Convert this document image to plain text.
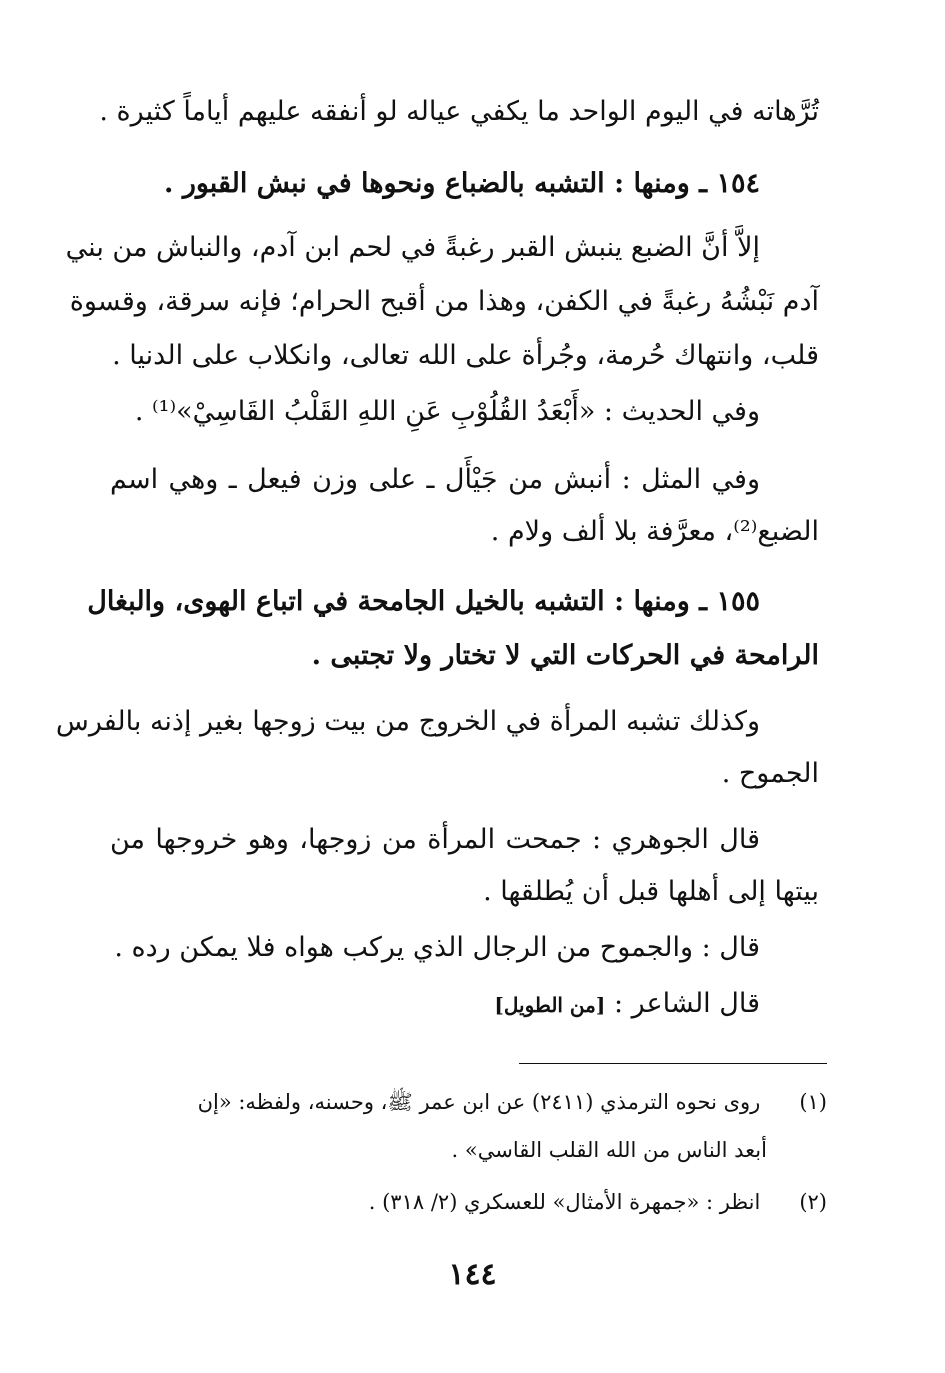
تُرَّهاته في اليوم الواحد ما يكفي عياله لو أنفقه عليهم أياماً كثيرة .

١٥٤ ـ ومنها : التشبه بالضباع ونحوها في نبش القبور .

إلاَّ أنَّ الضبع ينبش القبر رغبةً في لحم ابن آدم، والنباش من بني

آدم نَبْشُهُ رغبةً في الكفن، وهذا من أقبح الحرام؛ فإنه سرقة، وقسوة

قلب، وانتهاك حُرمة، وجُرأة على الله تعالى، وانكلاب على الدنيا .

وفي الحديث : «أَبْعَدُ القُلُوْبِ عَنِ اللهِ القَلْبُ القَاسِيْ»⁽¹⁾ .

وفي المثل : أنبش من جَيْأَل ـ على وزن فيعل ـ وهي اسم

الضبع⁽²⁾، معرَّفة بلا ألف ولام .

١٥٥ ـ ومنها : التشبه بالخيل الجامحة في اتباع الهوى، والبغال

الرامحة في الحركات التي لا تختار ولا تجتبى .

وكذلك تشبه المرأة في الخروج من بيت زوجها بغير إذنه بالفرس

الجموح .

قال الجوهري : جمحت المرأة من زوجها، وهو خروجها من

بيتها إلى أهلها قبل أن يُطلقها .

قال : والجموح من الرجال الذي يركب هواه فلا يمكن رده .

قال الشاعر : [من الطويل]

(١) روى نحوه الترمذي (٢٤١١) عن ابن عمر ﷺ، وحسنه، ولفظه: «إن
أبعد الناس من الله القلب القاسي» .
(٢) انظر : «جمهرة الأمثال» للعسكري (٢/ ٣١٨) .
١٤٤
